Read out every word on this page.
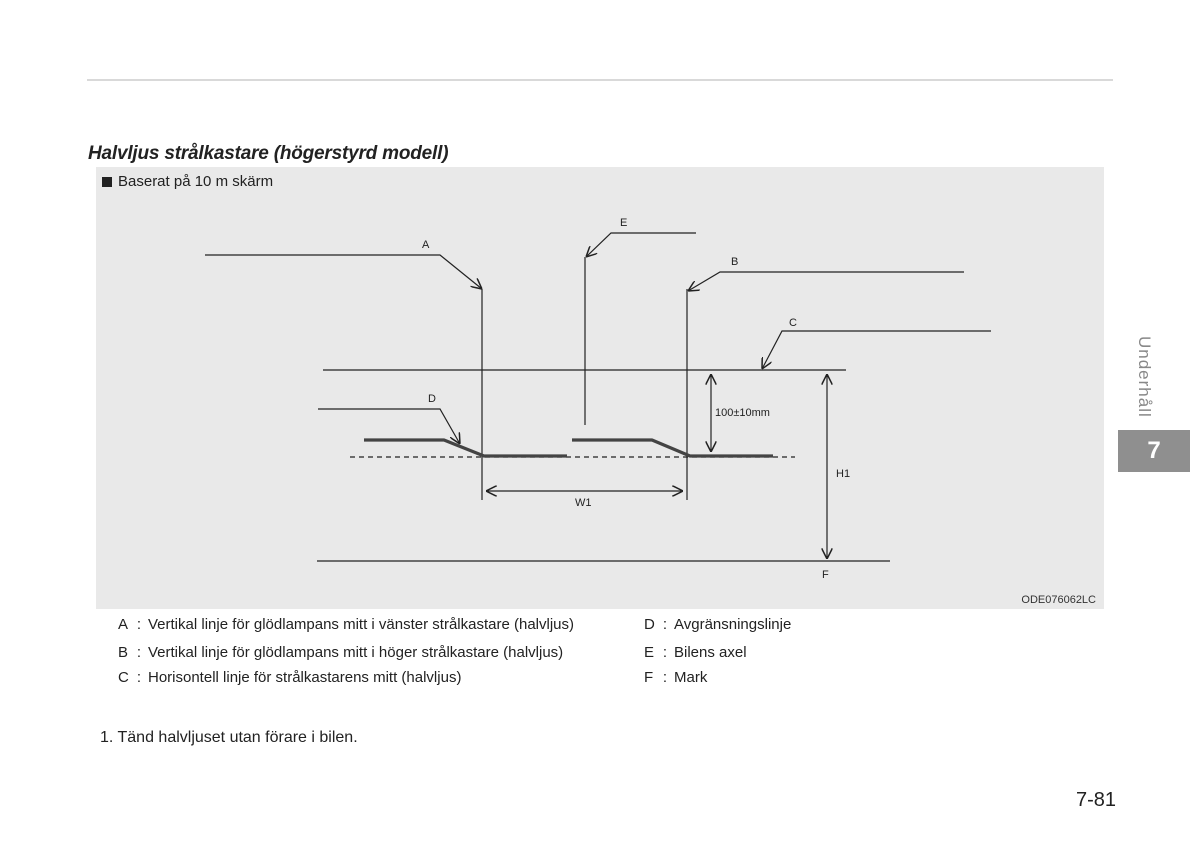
Halvljus strålkastare (högerstyrd modell)
Baserat på 10 m skärm
A
E
B
C
D
100±10mm
H1
W1
F
ODE076062LC
A : Vertikal linje för glödlampans mitt i vänster strålkastare (halvljus)
B : Vertikal linje för glödlampans mitt i höger strålkastare (halvljus)
C : Horisontell linje för strålkastarens mitt (halvljus)
D : Avgränsningslinje
E : Bilens axel
F : Mark

1. Tänd halvljuset utan förare i bilen.

Underhåll
7
7-81
